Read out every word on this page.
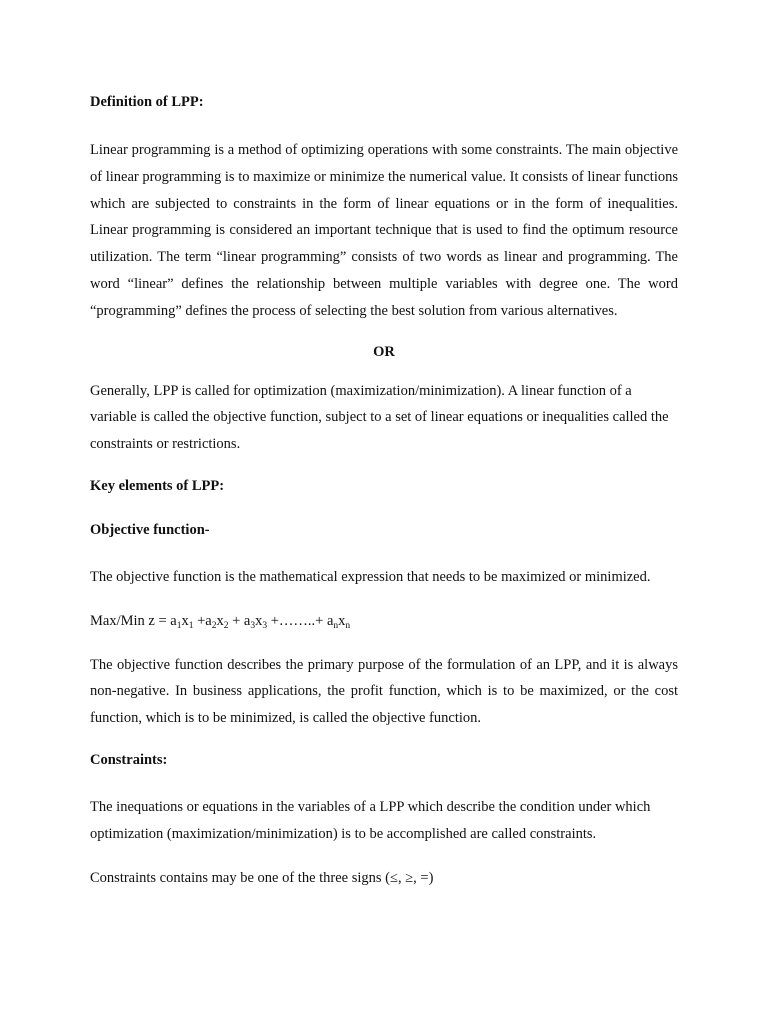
Definition of LPP:

Linear programming is a method of optimizing operations with some constraints. The main objective of linear programming is to maximize or minimize the numerical value. It consists of linear functions which are subjected to constraints in the form of linear equations or in the form of inequalities. Linear programming is considered an important technique that is used to find the optimum resource utilization. The term “linear programming” consists of two words as linear and programming. The word “linear” defines the relationship between multiple variables with degree one. The word “programming” defines the process of selecting the best solution from various alternatives.

OR

Generally, LPP is called for optimization (maximization/minimization). A linear function of a variable is called the objective function, subject to a set of linear equations or inequalities called the constraints or restrictions.

Key elements of LPP:

Objective function-

The objective function is the mathematical expression that needs to be maximized or minimized.

Max/Min $z = a_1x_1 +a_2x_2 + a_3x_3$ +……..+ $a_nx_n$

The objective function describes the primary purpose of the formulation of an LPP, and it is always non-negative. In business applications, the profit function, which is to be maximized, or the cost function, which is to be minimized, is called the objective function.

Constraints:

The inequations or equations in the variables of a LPP which describe the condition under which optimization (maximization/minimization) is to be accomplished are called constraints.

Constraints contains may be one of the three signs (≤, ≥, =)
